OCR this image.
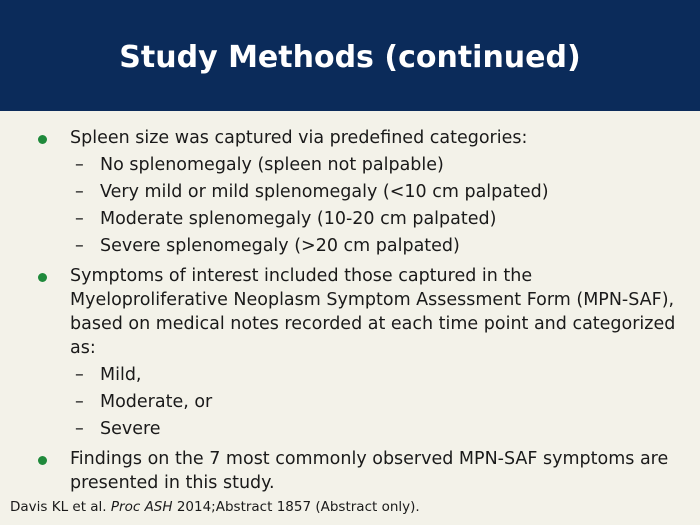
Study Methods (continued)
Spleen size was captured via predefined categories:
– No splenomegaly (spleen not palpable)
– Very mild or mild splenomegaly (<10 cm palpated)
– Moderate splenomegaly (10-20 cm palpated)
– Severe splenomegaly (>20 cm palpated)
Symptoms of interest included those captured in the Myeloproliferative Neoplasm Symptom Assessment Form (MPN-SAF), based on medical notes recorded at each time point and categorized as:
– Mild,
– Moderate, or
– Severe
Findings on the 7 most commonly observed MPN-SAF symptoms are presented in this study.
Davis KL et al. Proc ASH 2014;Abstract 1857 (Abstract only).
